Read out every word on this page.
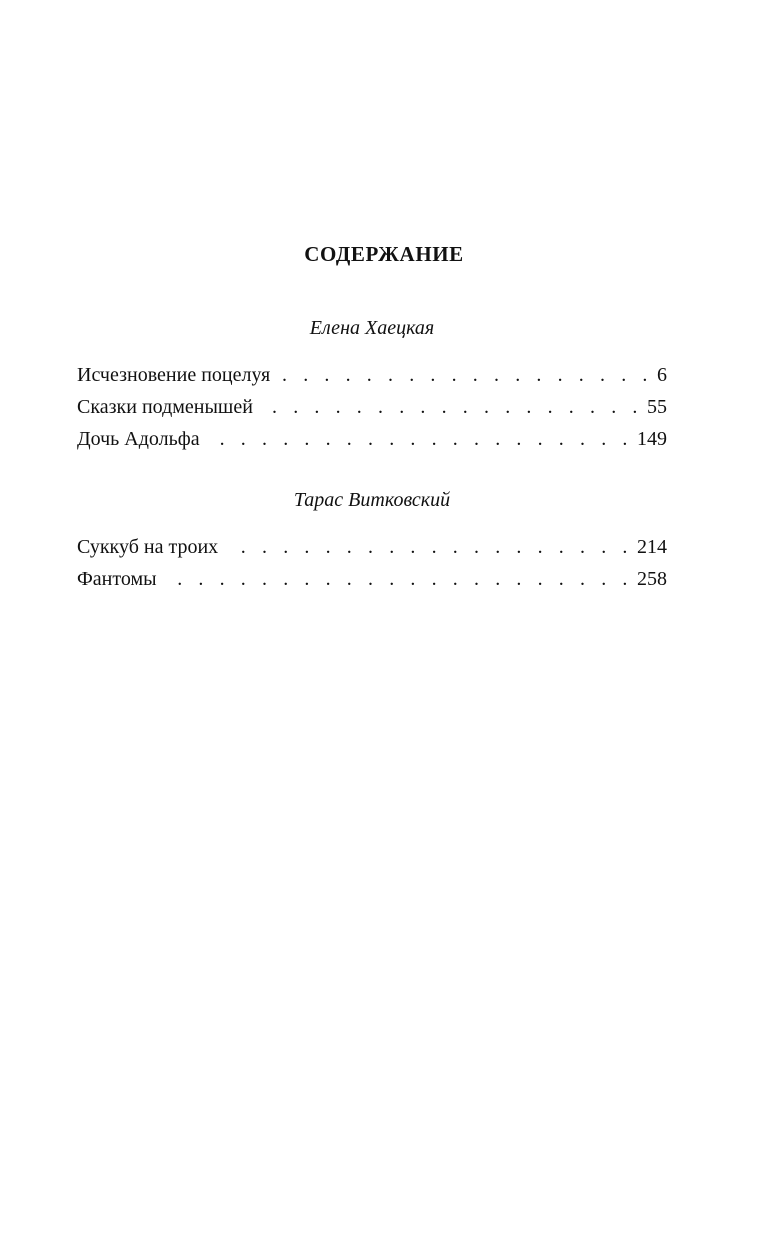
СОДЕРЖАНИЕ
Елена Хаецкая
Исчезновение поцелуя . . .	6
Сказки подменышей . . .	55
Дочь Адольфа . . .	149
Тарас Витковский
Суккуб на троих . . .	214
Фантомы . . .	258
